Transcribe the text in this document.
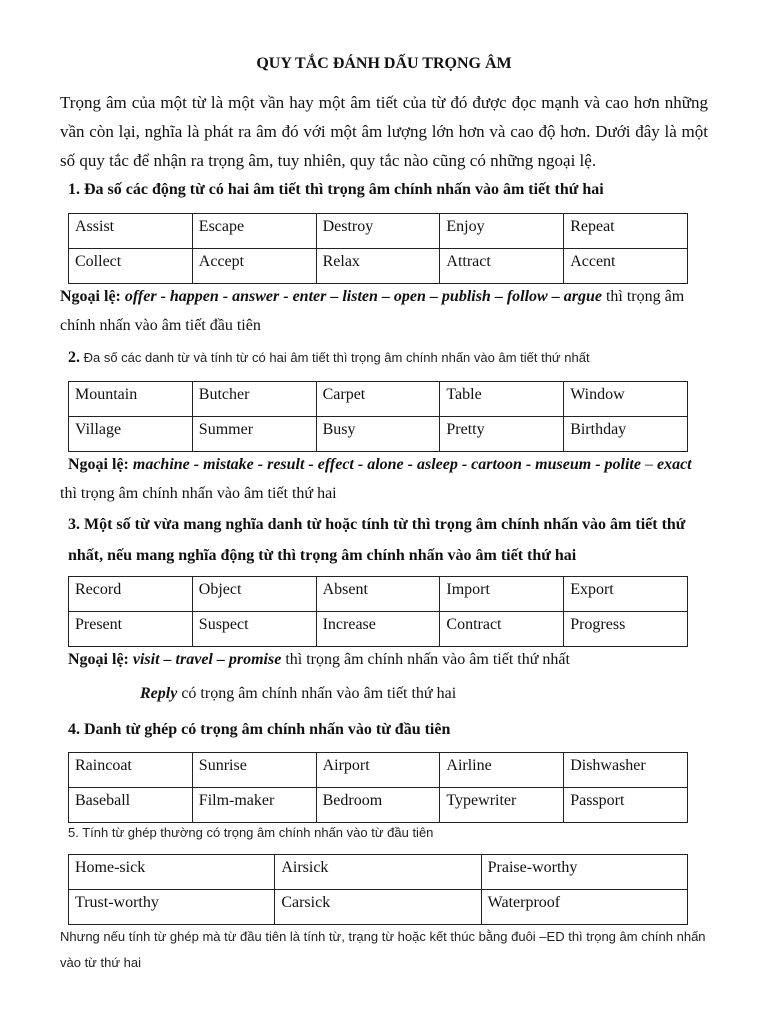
QUY TẮC ĐÁNH DẤU TRỌNG ÂM

Trọng âm của một từ là một vần hay một âm tiết của từ đó được đọc mạnh và cao hơn những vần còn lại, nghĩa là phát ra âm đó với một âm lượng lớn hơn và cao độ hơn. Dưới đây là một số quy tắc để nhận ra trọng âm, tuy nhiên, quy tắc nào cũng có những ngoại lệ.

1. Đa số các động từ có hai âm tiết thì trọng âm chính nhấn vào âm tiết thứ hai

Assist	Escape	Destroy	Enjoy	Repeat
Collect	Accept	Relax	Attract	Accent

Ngoại lệ: offer - happen - answer - enter – listen – open – publish – follow – argue thì trọng âm chính nhấn vào âm tiết đầu tiên

2. Đa số các danh từ và tính từ có hai âm tiết thì trọng âm chính nhấn vào âm tiết thứ nhất

Mountain	Butcher	Carpet	Table	Window
Village	Summer	Busy	Pretty	Birthday

Ngoại lệ: machine - mistake - result - effect - alone - asleep - cartoon - museum - polite – exact thì trọng âm chính nhấn vào âm tiết thứ hai

3. Một số từ vừa mang nghĩa danh từ hoặc tính từ thì trọng âm chính nhấn vào âm tiết thứ nhất, nếu mang nghĩa động từ thì trọng âm chính nhấn vào âm tiết thứ hai

Record	Object	Absent	Import	Export
Present	Suspect	Increase	Contract	Progress

Ngoại lệ: visit – travel – promise thì trọng âm chính nhấn vào âm tiết thứ nhất

Reply có trọng âm chính nhấn vào âm tiết thứ hai

4. Danh từ ghép có trọng âm chính nhấn vào từ đầu tiên

Raincoat	Sunrise	Airport	Airline	Dishwasher
Baseball	Film-maker	Bedroom	Typewriter	Passport

5. Tính từ ghép thường có trọng âm chính nhấn vào từ đầu tiên

Home-sick	Airsick	Praise-worthy
Trust-worthy	Carsick	Waterproof

Nhưng nếu tính từ ghép mà từ đầu tiên là tính từ, trạng từ hoặc kết thúc bằng đuôi –ED thì trọng âm chính nhấn vào từ thứ hai
